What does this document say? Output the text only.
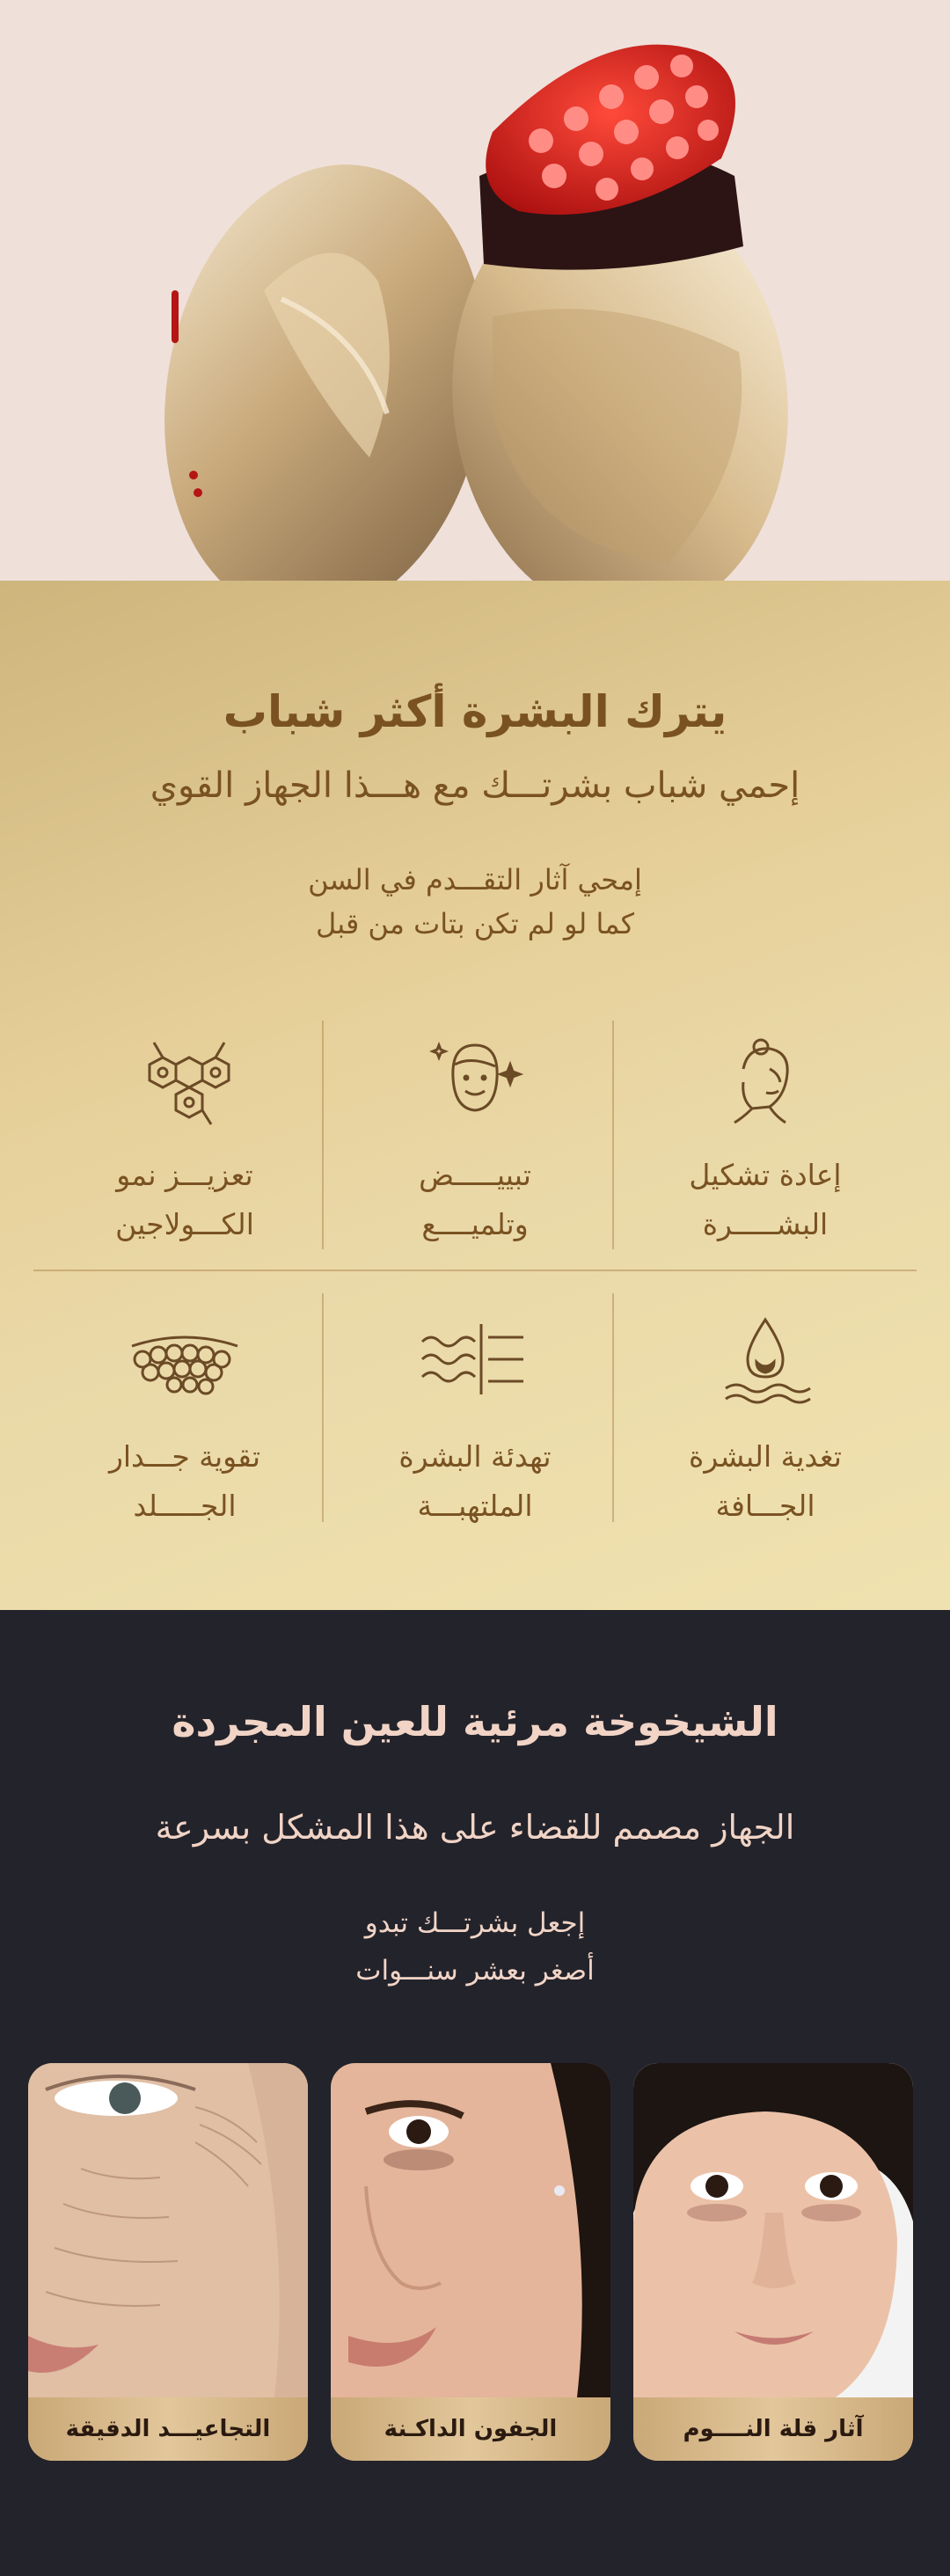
يترك البشرة أكثر شباب
إحمي شباب بشرتـــك مع هـــذا الجهاز القوي
إمحي آثار التقـــدم في السن
كما لو لم تكن بتات من قبل
إعادة تشكيل
البشـــــرة
تبييـــــض
وتلميــــع
تعزيـــز نمو
الكـــولاجين
تغدية البشرة
الجـــافة
تهدئة البشرة
الملتهبـــة
تقوية جـــدار
الجـــــلد
الشيخوخة مرئية للعين المجردة
الجهاز مصمم للقضاء على هذا المشكل بسرعة
إجعل بشرتـــك تبدو
أصغر بعشر سنـــوات
آثار قلة النــــوم
الجفون الداكـنة
التجاعيـــد الدقيقة
